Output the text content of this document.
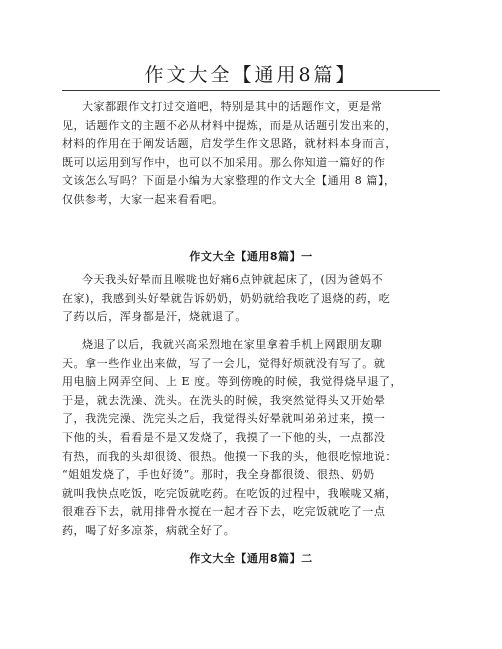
作文大全【通用8篇】
大家都跟作文打过交道吧，特别是其中的话题作文，更是常
见，话题作文的主题不必从材料中提炼，而是从话题引发出来的，
材料的作用在于阐发话题，启发学生作文思路，就材料本身而言，
既可以运用到写作中，也可以不加采用。那么你知道一篇好的作
文该怎么写吗？下面是小编为大家整理的作文大全【通用 8 篇】，
仅供参考，大家一起来看看吧。
作文大全【通用8篇】一
今天我头好晕而且喉咙也好痛6点钟就起床了，(因为爸妈不
在家)，我感到头好晕就告诉奶奶，奶奶就给我吃了退烧的药，吃
了药以后，浑身都是汗，烧就退了。
烧退了以后，我就兴高采烈地在家里拿着手机上网跟朋友聊
天。拿一些作业出来做，写了一会儿，觉得好烦就没有写了。就
用电脑上网弄空间、上 E 度。等到傍晚的时候，我觉得烧早退了，
于是，就去洗澡、洗头。在洗头的时候，我突然觉得头又开始晕
了，我洗完澡、洗完头之后，我觉得头好晕就叫弟弟过来，摸一
下他的头，看看是不是又发烧了，我摸了一下他的头，一点都没
有热，而我的头却很烫、很热。他摸一下我的头，他很吃惊地说：
“姐姐发烧了，手也好烫”。那时，我全身都很烫、很热、奶奶
就叫我快点吃饭，吃完饭就吃药。在吃饭的过程中，我喉咙又痛，
很难吞下去，就用排骨水搅在一起才吞下去，吃完饭就吃了一点
药，喝了好多凉茶，病就全好了。
作文大全【通用8篇】二
